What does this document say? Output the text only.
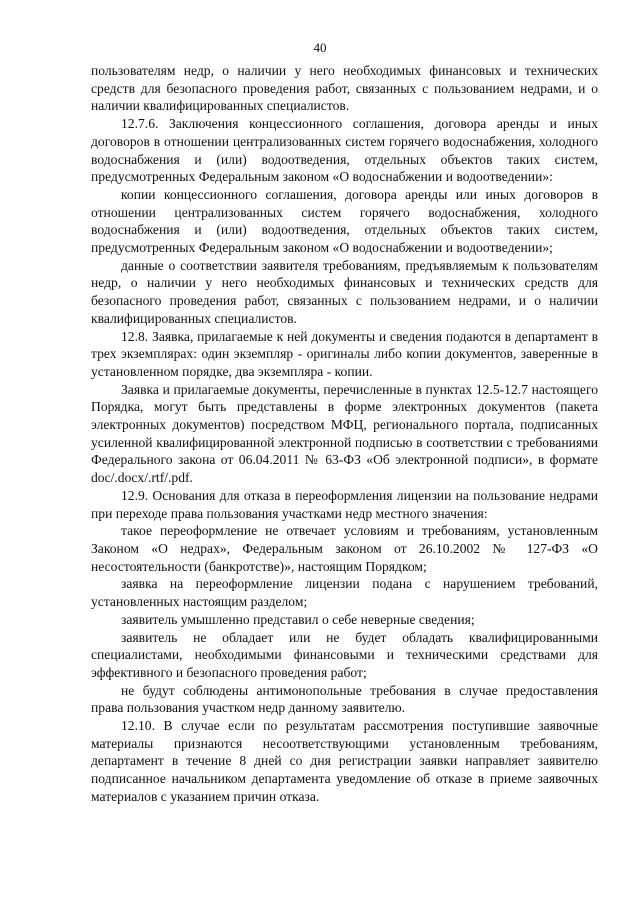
40

пользователям недр, о наличии у него необходимых финансовых и технических средств для безопасного проведения работ, связанных с пользованием недрами, и о наличии квалифицированных специалистов.

12.7.6. Заключения концессионного соглашения, договора аренды и иных договоров в отношении централизованных систем горячего водоснабжения, холодного водоснабжения и (или) водоотведения, отдельных объектов таких систем, предусмотренных Федеральным законом «О водоснабжении и водоотведении»:

копии концессионного соглашения, договора аренды или иных договоров в отношении централизованных систем горячего водоснабжения, холодного водоснабжения и (или) водоотведения, отдельных объектов таких систем, предусмотренных Федеральным законом «О водоснабжении и водоотведении»;

данные о соответствии заявителя требованиям, предъявляемым к пользователям недр, о наличии у него необходимых финансовых и технических средств для безопасного проведения работ, связанных с пользованием недрами, и о наличии квалифицированных специалистов.

12.8. Заявка, прилагаемые к ней документы и сведения подаются в департамент в трех экземплярах: один экземпляр - оригиналы либо копии документов, заверенные в установленном порядке, два экземпляра - копии.

Заявка и прилагаемые документы, перечисленные в пунктах 12.5-12.7 настоящего Порядка, могут быть представлены в форме электронных документов (пакета электронных документов) посредством МФЦ, регионального портала, подписанных усиленной квалифицированной электронной подписью в соответствии с требованиями Федерального закона от 06.04.2011 № 63-ФЗ «Об электронной подписи», в формате doc/.docx/.rtf/.pdf.

12.9. Основания для отказа в переоформления лицензии на пользование недрами при переходе права пользования участками недр местного значения:

такое переоформление не отвечает условиям и требованиям, установленным Законом «О недрах», Федеральным законом от 26.10.2002 № 127-ФЗ «О несостоятельности (банкротстве)», настоящим Порядком;

заявка на переоформление лицензии подана с нарушением требований, установленных настоящим разделом;

заявитель умышленно представил о себе неверные сведения;

заявитель не обладает или не будет обладать квалифицированными специалистами, необходимыми финансовыми и техническими средствами для эффективного и безопасного проведения работ;

не будут соблюдены антимонопольные требования в случае предоставления права пользования участком недр данному заявителю.

12.10. В случае если по результатам рассмотрения поступившие заявочные материалы признаются несоответствующими установленным требованиям, департамент в течение 8 дней со дня регистрации заявки направляет заявителю подписанное начальником департамента уведомление об отказе в приеме заявочных материалов с указанием причин отказа.
